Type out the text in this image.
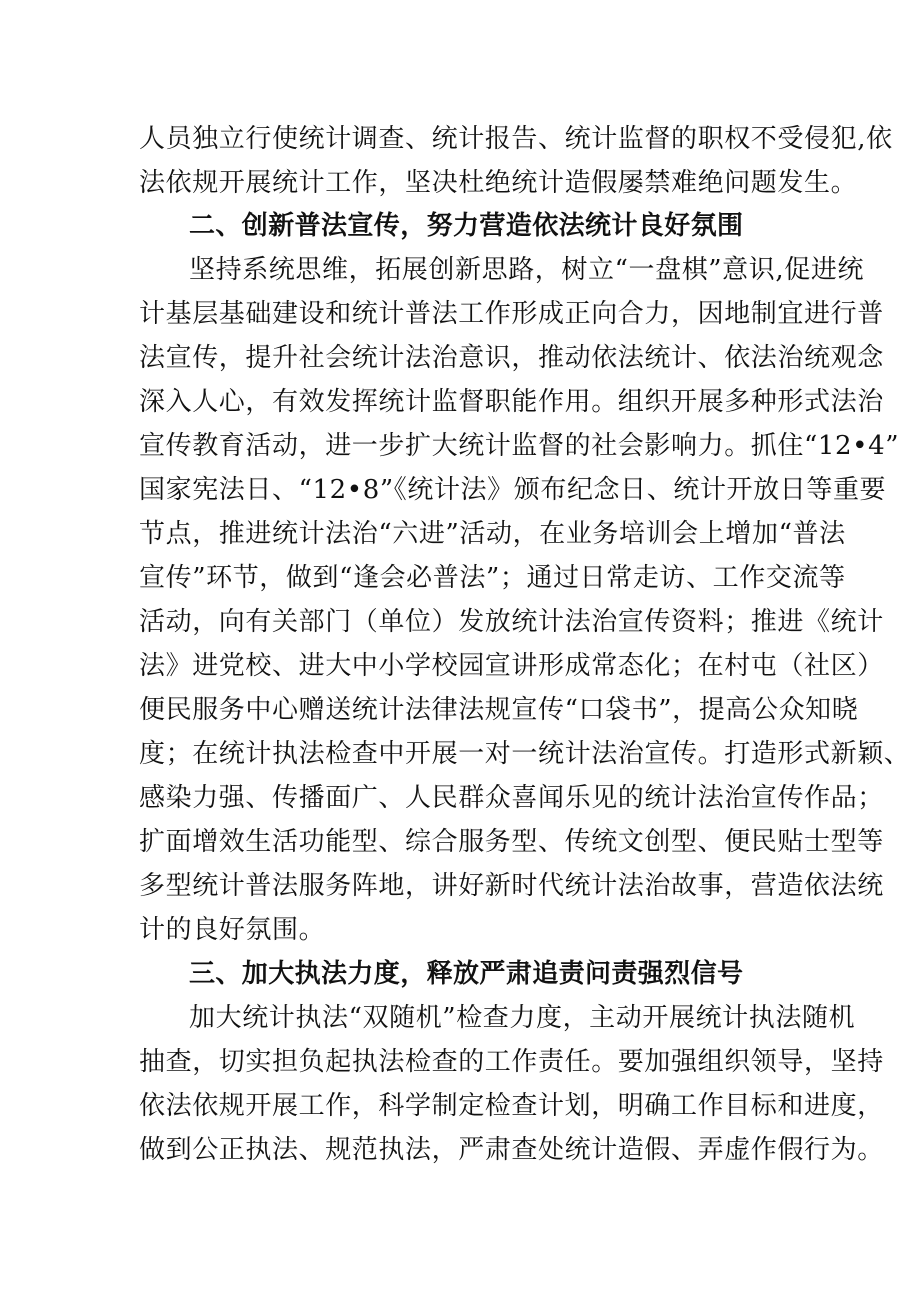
人员独立行使统计调查、统计报告、统计监督的职权不受侵犯,依
法依规开展统计工作，坚决杜绝统计造假屡禁难绝问题发生。
二、创新普法宣传，努力营造依法统计良好氛围
坚持系统思维，拓展创新思路，树立“一盘棋”意识,促进统
计基层基础建设和统计普法工作形成正向合力，因地制宜进行普
法宣传，提升社会统计法治意识，推动依法统计、依法治统观念
深入人心，有效发挥统计监督职能作用。组织开展多种形式法治
宣传教育活动，进一步扩大统计监督的社会影响力。抓住“12•4”
国家宪法日、“12•8”《统计法》颁布纪念日、统计开放日等重要
节点，推进统计法治“六进”活动，在业务培训会上增加“普法
宣传”环节，做到“逢会必普法”；通过日常走访、工作交流等
活动，向有关部门（单位）发放统计法治宣传资料；推进《统计
法》进党校、进大中小学校园宣讲形成常态化；在村屯（社区）
便民服务中心赠送统计法律法规宣传“口袋书”，提高公众知晓
度；在统计执法检查中开展一对一统计法治宣传。打造形式新颖、
感染力强、传播面广、人民群众喜闻乐见的统计法治宣传作品；
扩面增效生活功能型、综合服务型、传统文创型、便民贴士型等
多型统计普法服务阵地，讲好新时代统计法治故事，营造依法统
计的良好氛围。
三、加大执法力度，释放严肃追责问责强烈信号
加大统计执法“双随机”检查力度，主动开展统计执法随机
抽查，切实担负起执法检查的工作责任。要加强组织领导，坚持
依法依规开展工作，科学制定检查计划，明确工作目标和进度，
做到公正执法、规范执法，严肃查处统计造假、弄虚作假行为。
